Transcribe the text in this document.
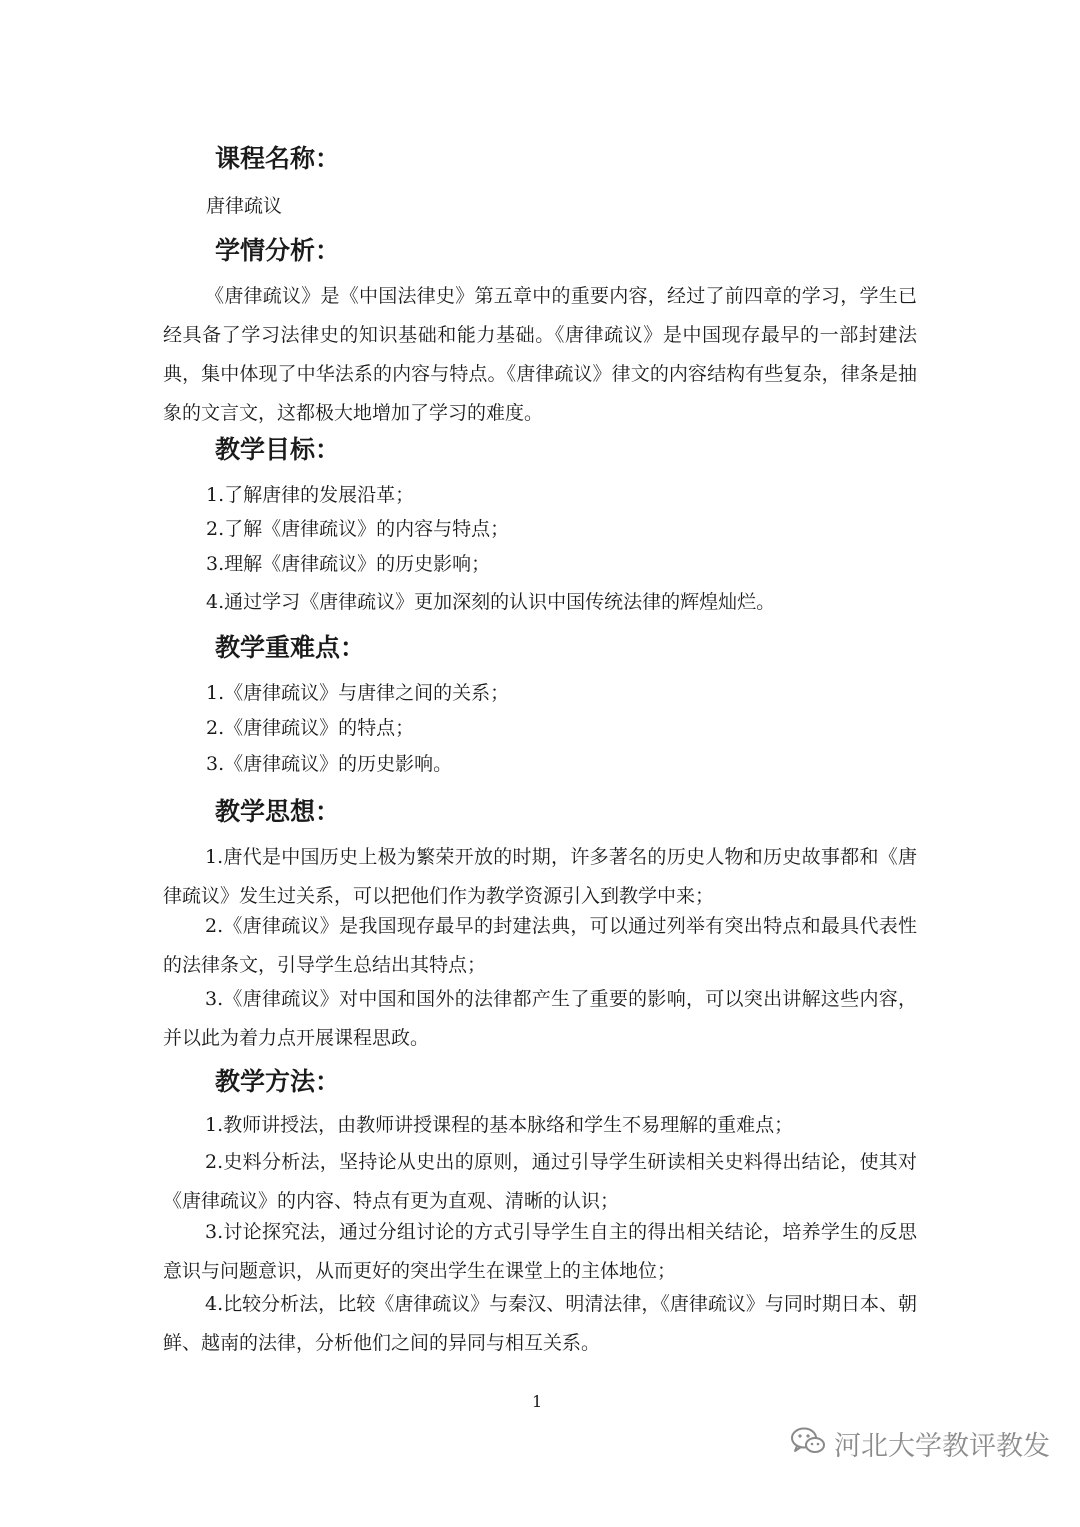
课程名称：
唐律疏议
学情分析：

《唐律疏议》是《中国法律史》第五章中的重要内容，经过了前四章的学习，学生已经具备了学习法律史的知识基础和能力基础。《唐律疏议》是中国现存最早的一部封建法典，集中体现了中华法系的内容与特点。《唐律疏议》律文的内容结构有些复杂，律条是抽象的文言文，这都极大地增加了学习的难度。

教学目标：
1.了解唐律的发展沿革；
2.了解《唐律疏议》的内容与特点；
3.理解《唐律疏议》的历史影响；
4.通过学习《唐律疏议》更加深刻的认识中国传统法律的辉煌灿烂。
教学重难点：
1.《唐律疏议》与唐律之间的关系；
2.《唐律疏议》的特点；
3.《唐律疏议》的历史影响。
教学思想：

1.唐代是中国历史上极为繁荣开放的时期，许多著名的历史人物和历史故事都和《唐律疏议》发生过关系，可以把他们作为教学资源引入到教学中来；

2.《唐律疏议》是我国现存最早的封建法典，可以通过列举有突出特点和最具代表性的法律条文，引导学生总结出其特点；

3.《唐律疏议》对中国和国外的法律都产生了重要的影响，可以突出讲解这些内容，并以此为着力点开展课程思政。

教学方法：

1.教师讲授法，由教师讲授课程的基本脉络和学生不易理解的重难点；

2.史料分析法，坚持论从史出的原则，通过引导学生研读相关史料得出结论，使其对《唐律疏议》的内容、特点有更为直观、清晰的认识；

3.讨论探究法，通过分组讨论的方式引导学生自主的得出相关结论，培养学生的反思意识与问题意识，从而更好的突出学生在课堂上的主体地位；

4.比较分析法，比较《唐律疏议》与秦汉、明清法律，《唐律疏议》与同时期日本、朝鲜、越南的法律，分析他们之间的异同与相互关系。

1
河北大学教评教发
